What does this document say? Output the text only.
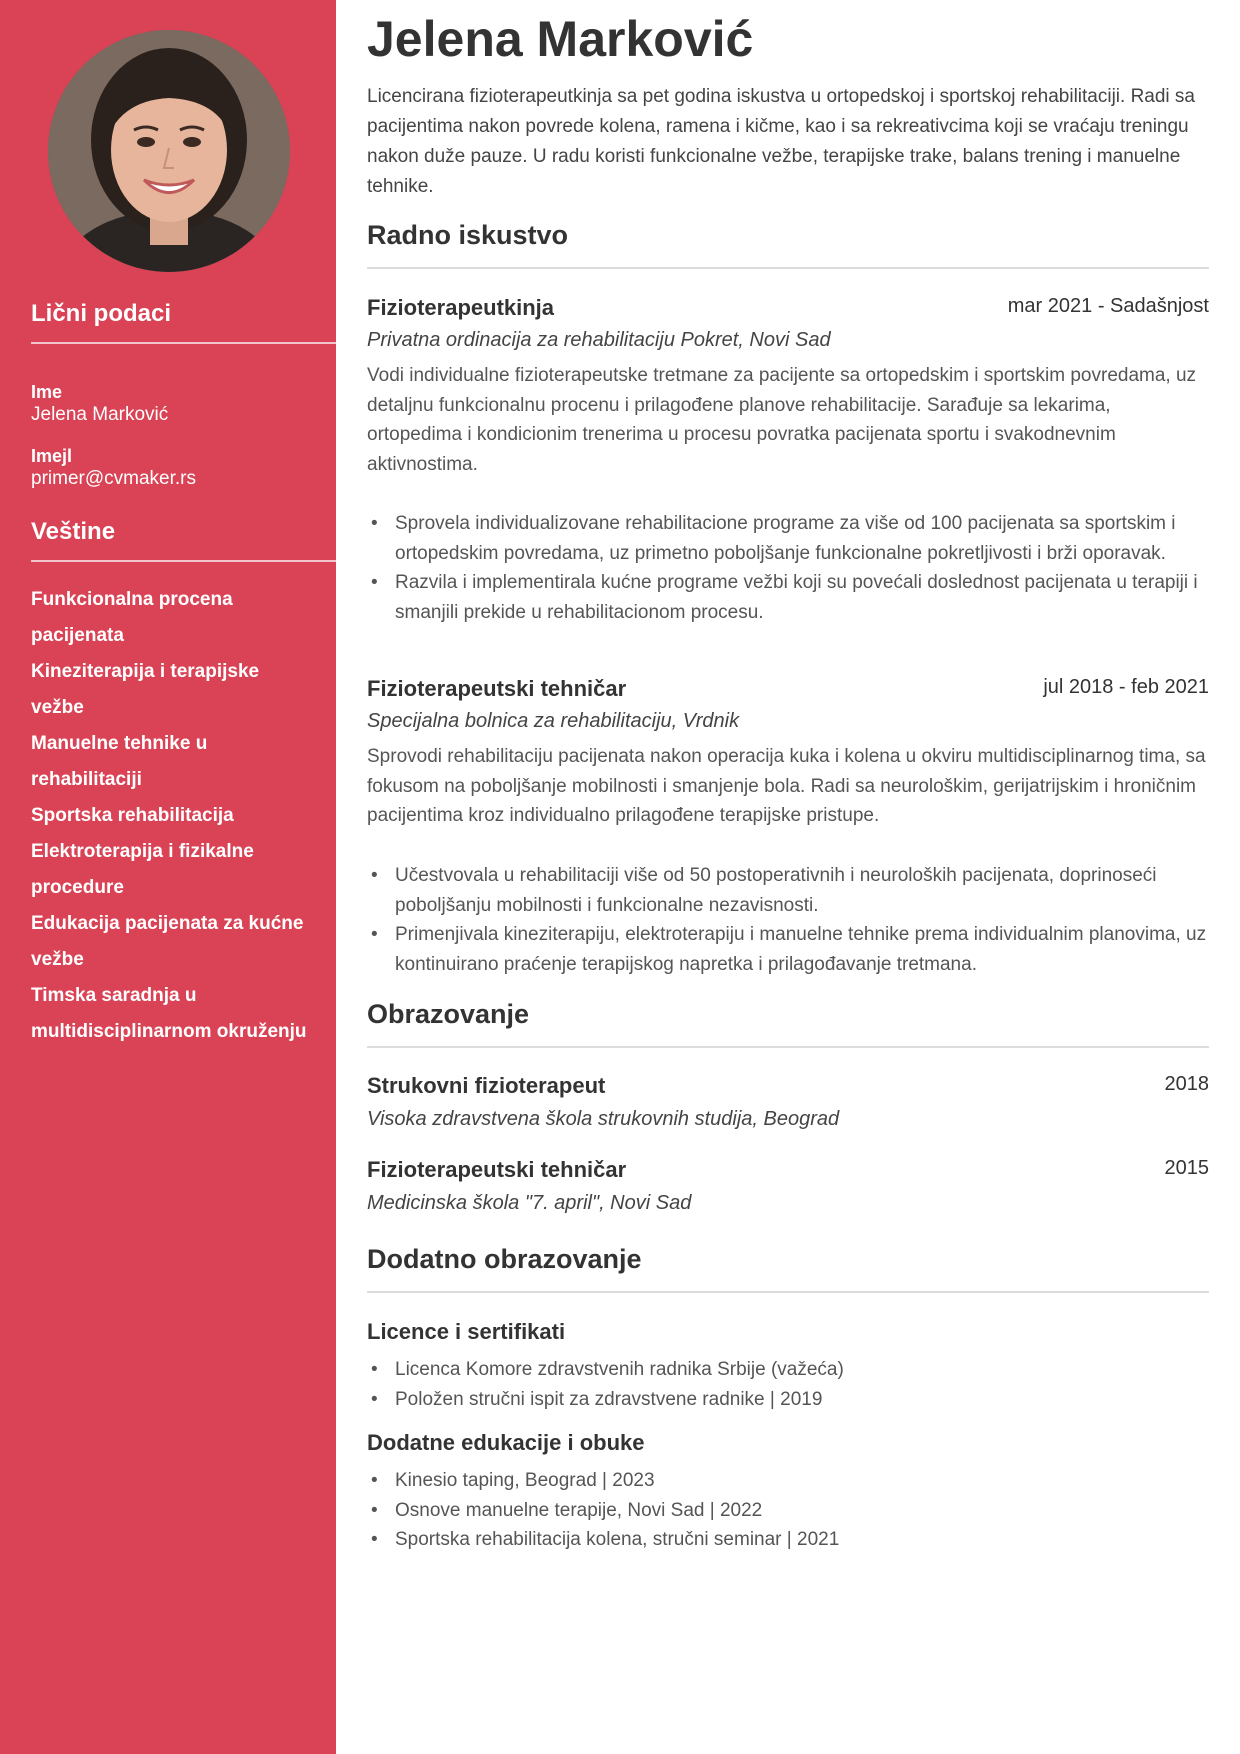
Lični podaci
Ime
Jelena Marković
Imejl
primer@cvmaker.rs
Veštine
Funkcionalna procena pacijenata
Kineziterapija i terapijske vežbe
Manuelne tehnike u rehabilitaciji
Sportska rehabilitacija
Elektroterapija i fizikalne procedure
Edukacija pacijenata za kućne vežbe
Timska saradnja u multidisciplinarnom okruženju
Jelena Marković

Licencirana fizioterapeutkinja sa pet godina iskustva u ortopedskoj i sportskoj rehabilitaciji. Radi sa pacijentima nakon povrede kolena, ramena i kičme, kao i sa rekreativcima koji se vraćaju treningu nakon duže pauze. U radu koristi funkcionalne vežbe, terapijske trake, balans trening i manuelne tehnike.

Radno iskustvo
Fizioterapeutkinja	mar 2021 - Sadašnjost
Privatna ordinacija za rehabilitaciju Pokret, Novi Sad

Vodi individualne fizioterapeutske tretmane za pacijente sa ortopedskim i sportskim povredama, uz detaljnu funkcionalnu procenu i prilagođene planove rehabilitacije. Sarađuje sa lekarima, ortopedima i kondicionim trenerima u procesu povratka pacijenata sportu i svakodnevnim aktivnostima.

• Sprovela individualizovane rehabilitacione programe za više od 100 pacijenata sa sportskim i ortopedskim povredama, uz primetno poboljšanje funkcionalne pokretljivosti i brži oporavak.
• Razvila i implementirala kućne programe vežbi koji su povećali doslednost pacijenata u terapiji i smanjili prekide u rehabilitacionom procesu.
Fizioterapeutski tehničar	jul 2018 - feb 2021
Specijalna bolnica za rehabilitaciju, Vrdnik

Sprovodi rehabilitaciju pacijenata nakon operacija kuka i kolena u okviru multidisciplinarnog tima, sa fokusom na poboljšanje mobilnosti i smanjenje bola. Radi sa neurološkim, gerijatrijskim i hroničnim pacijentima kroz individualno prilagođene terapijske pristupe.

• Učestvovala u rehabilitaciji više od 50 postoperativnih i neuroloških pacijenata, doprinoseći poboljšanju mobilnosti i funkcionalne nezavisnosti.
• Primenjivala kineziterapiju, elektroterapiju i manuelne tehnike prema individualnim planovima, uz kontinuirano praćenje terapijskog napretka i prilagođavanje tretmana.
Obrazovanje
Strukovni fizioterapeut	2018
Visoka zdravstvena škola strukovnih studija, Beograd
Fizioterapeutski tehničar	2015
Medicinska škola "7. april", Novi Sad
Dodatno obrazovanje
Licence i sertifikati
• Licenca Komore zdravstvenih radnika Srbije (važeća)
• Položen stručni ispit za zdravstvene radnike | 2019
Dodatne edukacije i obuke
• Kinesio taping, Beograd | 2023
• Osnove manuelne terapije, Novi Sad | 2022
• Sportska rehabilitacija kolena, stručni seminar | 2021
